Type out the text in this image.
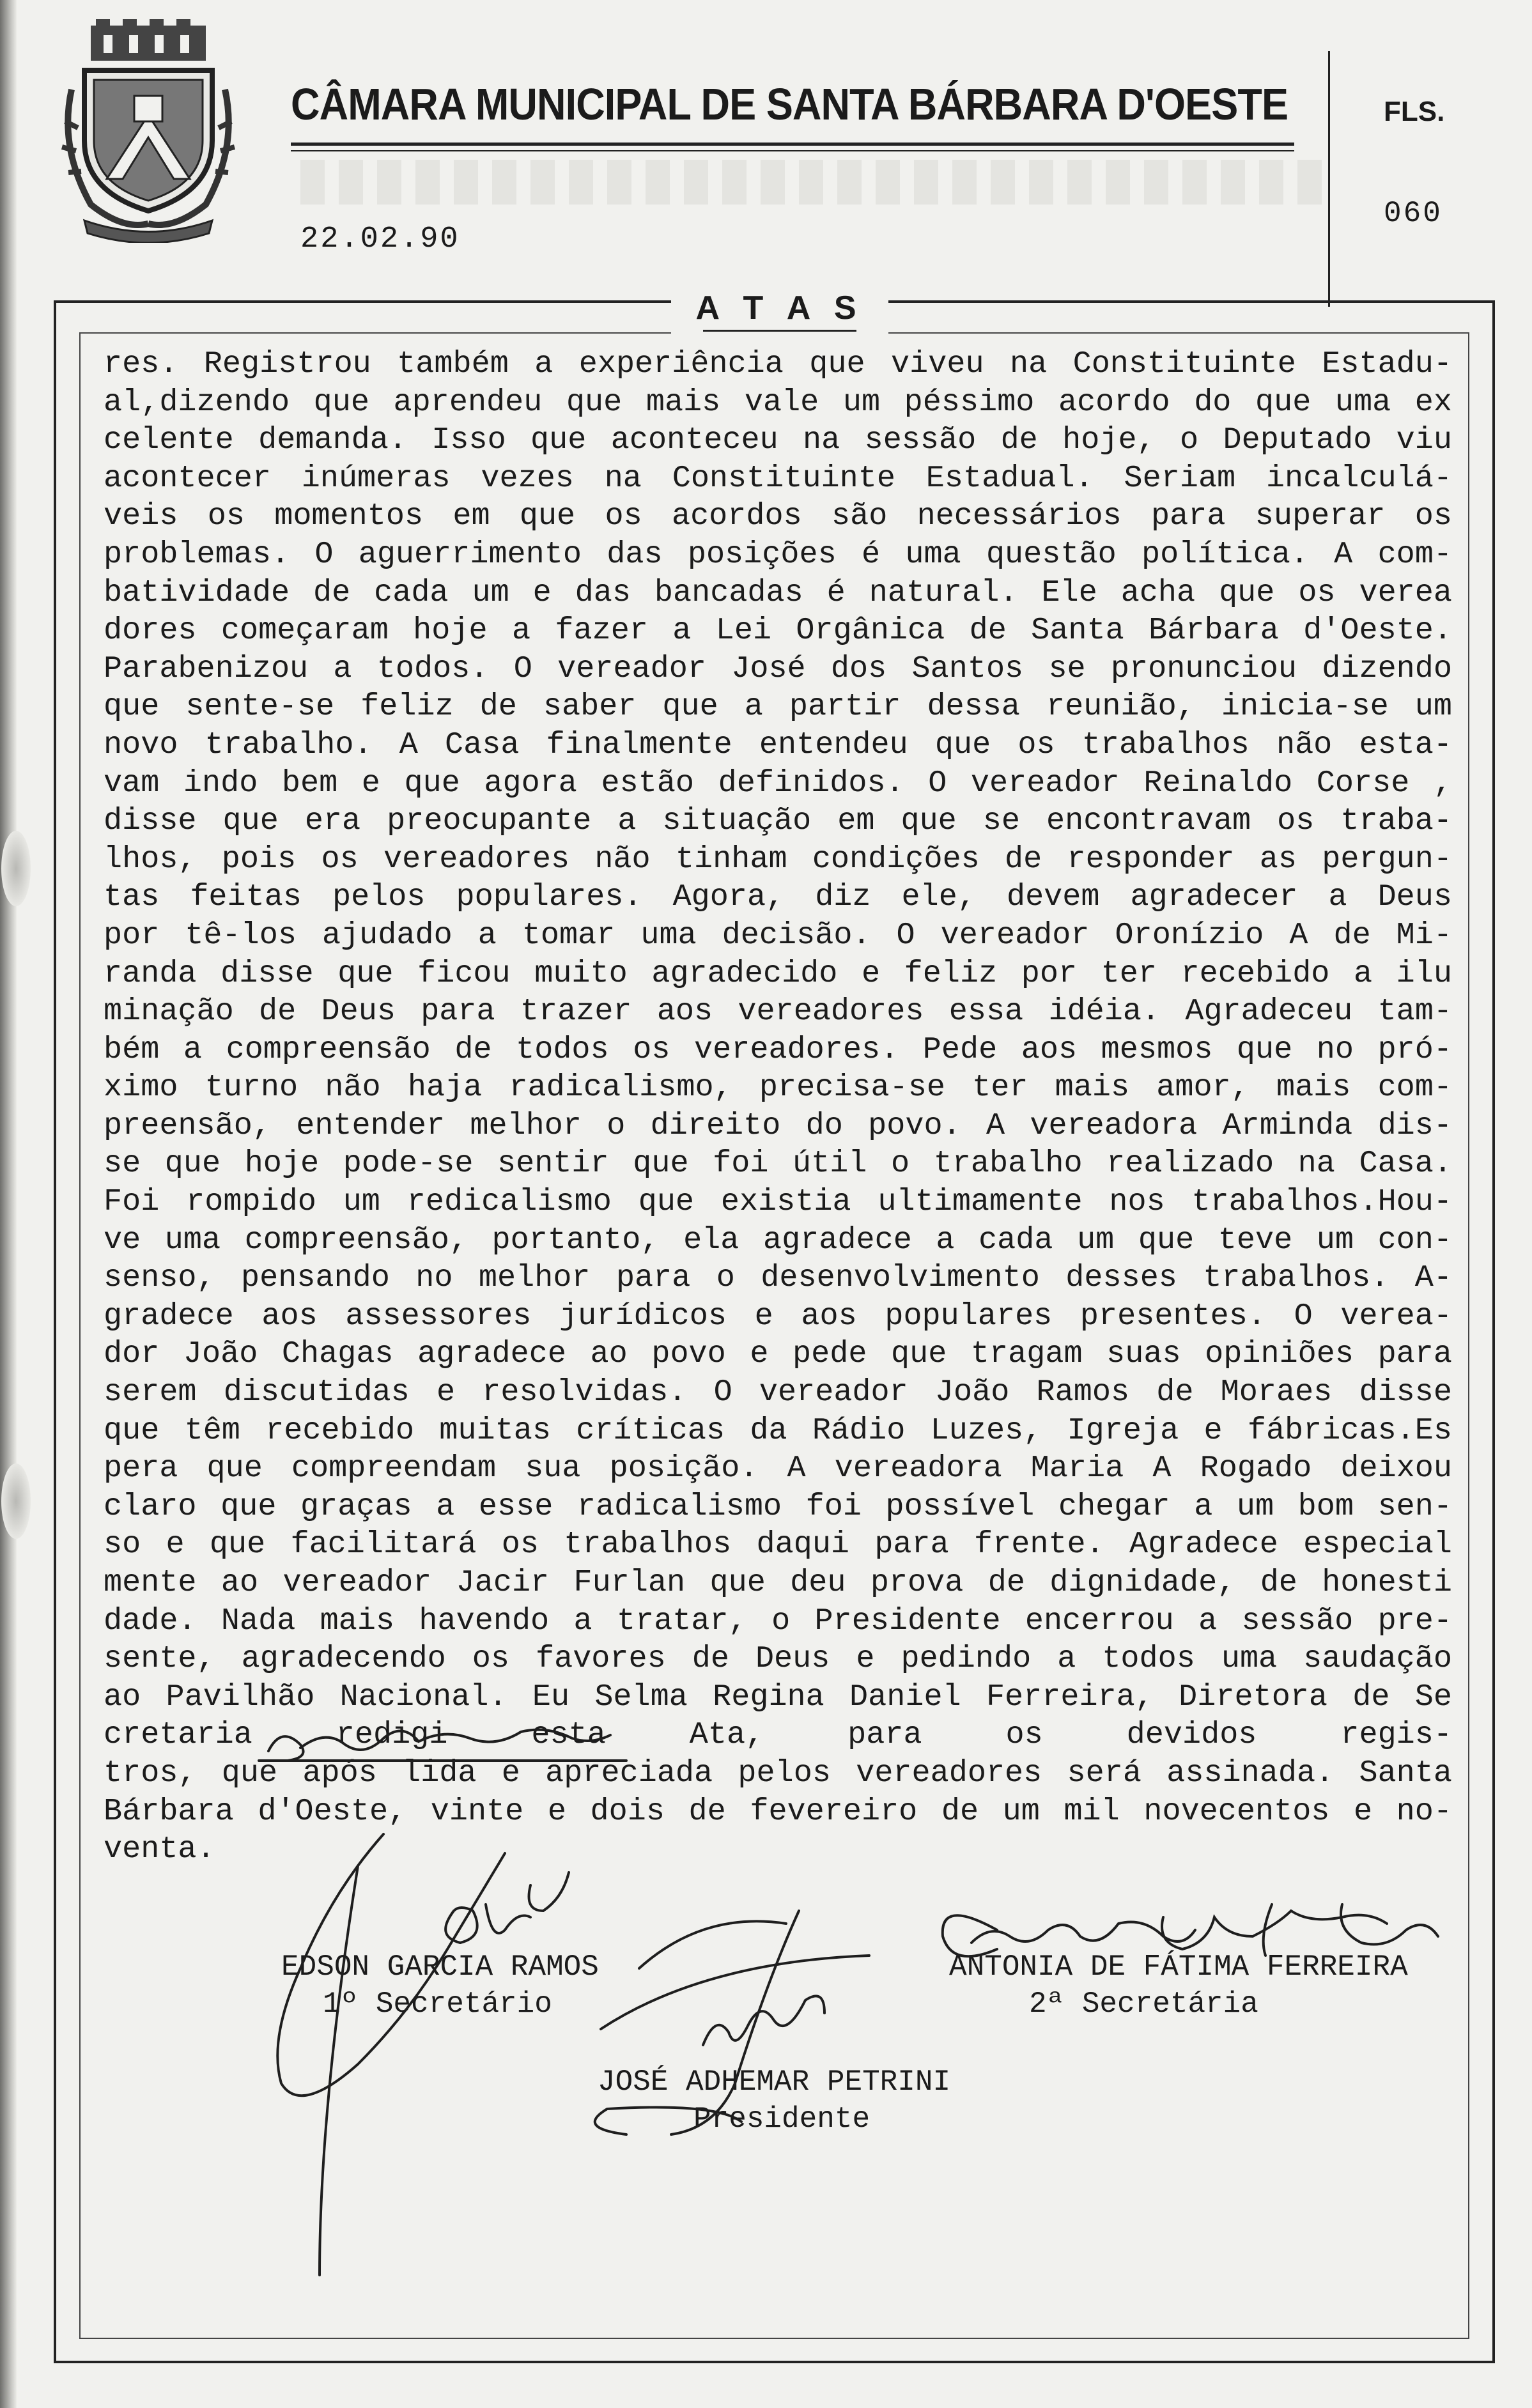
CÂMARA MUNICIPAL DE SANTA BÁRBARA D'OESTE
22.02.90
FLS.
060
A T A S
res. Registrou também a experiência que viveu na Constituinte Estadu-
al,dizendo que aprendeu que mais vale um péssimo acordo do que uma ex
celente demanda. Isso que aconteceu na sessão de hoje, o Deputado viu
acontecer inúmeras vezes na Constituinte Estadual. Seriam incalculá-
veis os momentos em que os acordos são necessários para superar os
problemas. O aguerrimento das posições é uma questão política. A com-
batividade de cada um e das bancadas é natural. Ele acha que os verea
dores começaram hoje a fazer a Lei Orgânica de Santa Bárbara d'Oeste.
Parabenizou a todos. O vereador José dos Santos se pronunciou dizendo
que sente-se feliz de saber que a partir dessa reunião, inicia-se um
novo trabalho. A Casa finalmente entendeu que os trabalhos não esta-
vam indo bem e que agora estão definidos. O vereador Reinaldo Corse ,
disse que era preocupante a situação em que se encontravam os traba-
lhos, pois os vereadores não tinham condições de responder as pergun-
tas feitas pelos populares. Agora, diz ele, devem agradecer a Deus
por tê-los ajudado a tomar uma decisão. O vereador Oronízio A de Mi-
randa disse que ficou muito agradecido e feliz por ter recebido a ilu
minação de Deus para trazer aos vereadores essa idéia. Agradeceu tam-
bém a compreensão de todos os vereadores. Pede aos mesmos que no pró-
ximo turno não haja radicalismo, precisa-se ter mais amor, mais com-
preensão, entender melhor o direito do povo. A vereadora Arminda dis-
se que hoje pode-se sentir que foi útil o trabalho realizado na Casa.
Foi rompido um redicalismo que existia ultimamente nos trabalhos.Hou-
ve uma compreensão, portanto, ela agradece a cada um que teve um con-
senso, pensando no melhor para o desenvolvimento desses trabalhos. A-
gradece aos assessores jurídicos e aos populares presentes. O verea-
dor João Chagas agradece ao povo e pede que tragam suas opiniões para
serem discutidas e resolvidas. O vereador João Ramos de Moraes disse
que têm recebido muitas críticas da Rádio Luzes, Igreja e fábricas.Es
pera que compreendam sua posição. A vereadora Maria A Rogado deixou
claro que graças a esse radicalismo foi possível chegar a um bom sen-
so e que facilitará os trabalhos daqui para frente. Agradece especial
mente ao vereador Jacir Furlan que deu prova de dignidade, de honesti
dade. Nada mais havendo a tratar, o Presidente encerrou a sessão pre-
sente, agradecendo os favores de Deus e pedindo a todos uma saudação
ao Pavilhão Nacional. Eu Selma Regina Daniel Ferreira, Diretora de Se
cretaria redigi esta Ata, para os devidos regis-
tros, que após lida e apreciada pelos vereadores será assinada. Santa
Bárbara d'Oeste, vinte e dois de fevereiro de um mil novecentos e no-
venta.
EDSON GARCIA RAMOS
1º Secretário
ANTONIA DE FÁTIMA FERREIRA
2ª Secretária
JOSÉ ADHEMAR PETRINI
Presidente
